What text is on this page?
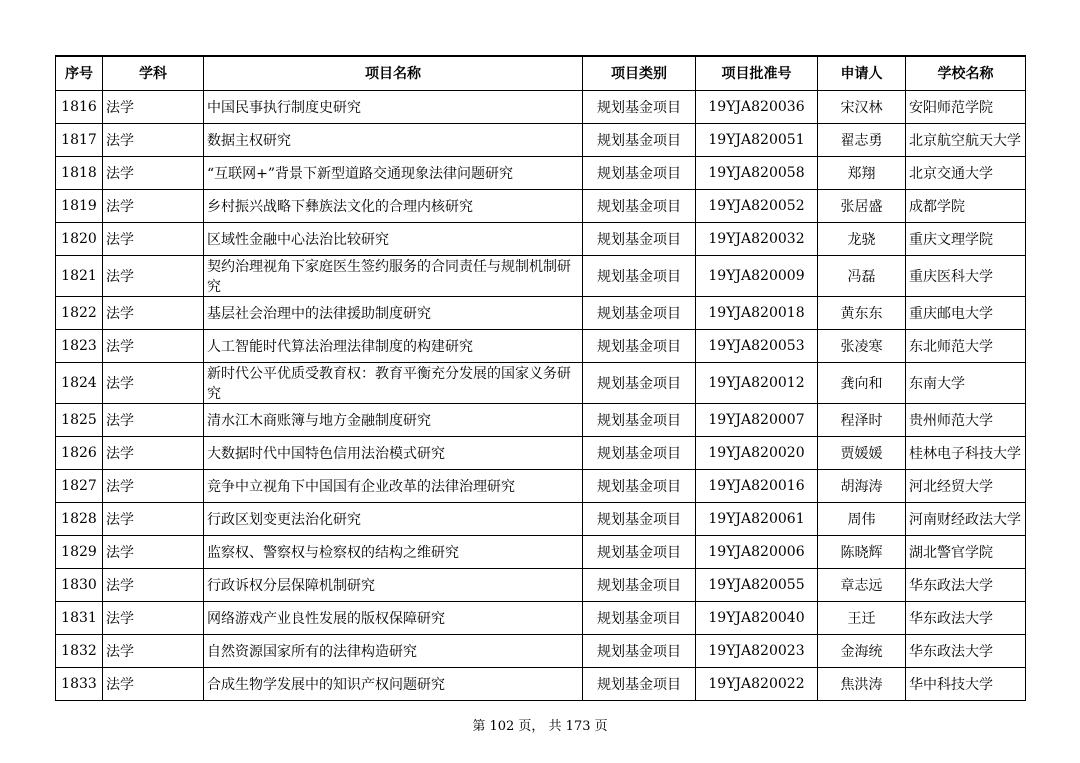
序号	学科	项目名称	项目类别	项目批准号	申请人	学校名称
1816	法学	中国民事执行制度史研究	规划基金项目	19YJA820036	宋汉林	安阳师范学院
1817	法学	数据主权研究	规划基金项目	19YJA820051	翟志勇	北京航空航天大学
1818	法学	“互联网+”背景下新型道路交通现象法律问题研究	规划基金项目	19YJA820058	郑翔	北京交通大学
1819	法学	乡村振兴战略下彝族法文化的合理内核研究	规划基金项目	19YJA820052	张居盛	成都学院
1820	法学	区域性金融中心法治比较研究	规划基金项目	19YJA820032	龙骁	重庆文理学院
1821	法学	契约治理视角下家庭医生签约服务的合同责任与规制机制研究	规划基金项目	19YJA820009	冯磊	重庆医科大学
1822	法学	基层社会治理中的法律援助制度研究	规划基金项目	19YJA820018	黄东东	重庆邮电大学
1823	法学	人工智能时代算法治理法律制度的构建研究	规划基金项目	19YJA820053	张凌寒	东北师范大学
1824	法学	新时代公平优质受教育权：教育平衡充分发展的国家义务研究	规划基金项目	19YJA820012	龚向和	东南大学
1825	法学	清水江木商账簿与地方金融制度研究	规划基金项目	19YJA820007	程泽时	贵州师范大学
1826	法学	大数据时代中国特色信用法治模式研究	规划基金项目	19YJA820020	贾媛媛	桂林电子科技大学
1827	法学	竞争中立视角下中国国有企业改革的法律治理研究	规划基金项目	19YJA820016	胡海涛	河北经贸大学
1828	法学	行政区划变更法治化研究	规划基金项目	19YJA820061	周伟	河南财经政法大学
1829	法学	监察权、警察权与检察权的结构之维研究	规划基金项目	19YJA820006	陈晓辉	湖北警官学院
1830	法学	行政诉权分层保障机制研究	规划基金项目	19YJA820055	章志远	华东政法大学
1831	法学	网络游戏产业良性发展的版权保障研究	规划基金项目	19YJA820040	王迁	华东政法大学
1832	法学	自然资源国家所有的法律构造研究	规划基金项目	19YJA820023	金海统	华东政法大学
1833	法学	合成生物学发展中的知识产权问题研究	规划基金项目	19YJA820022	焦洪涛	华中科技大学
第 102 页， 共 173 页
